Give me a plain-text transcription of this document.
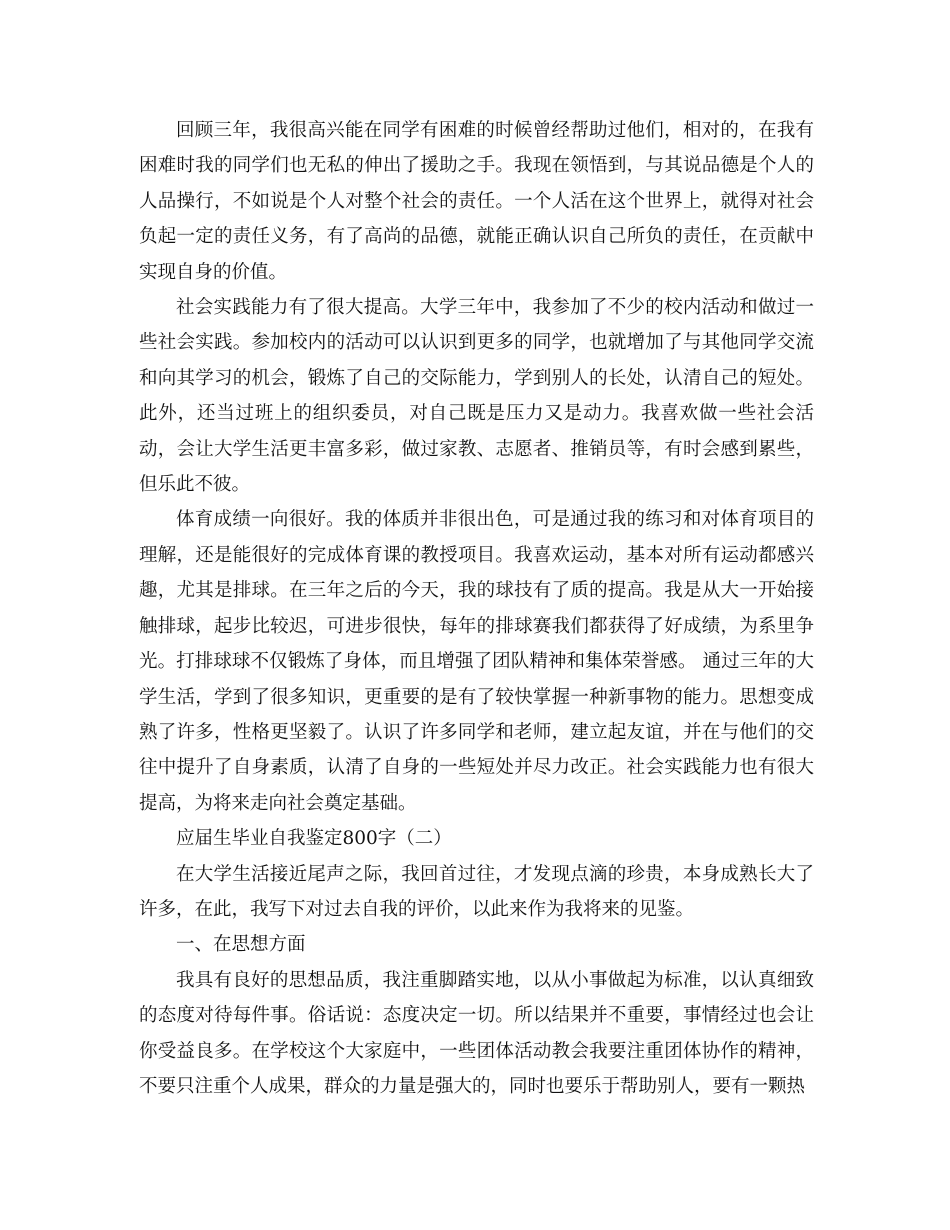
回顾三年，我很高兴能在同学有困难的时候曾经帮助过他们，相对的，在我有困难时我的同学们也无私的伸出了援助之手。我现在领悟到，与其说品德是个人的人品操行，不如说是个人对整个社会的责任。一个人活在这个世界上，就得对社会负起一定的责任义务，有了高尚的品德，就能正确认识自己所负的责任，在贡献中实现自身的价值。

社会实践能力有了很大提高。大学三年中，我参加了不少的校内活动和做过一些社会实践。参加校内的活动可以认识到更多的同学，也就增加了与其他同学交流和向其学习的机会，锻炼了自己的交际能力，学到别人的长处，认清自己的短处。此外，还当过班上的组织委员，对自己既是压力又是动力。我喜欢做一些社会活动，会让大学生活更丰富多彩，做过家教、志愿者、推销员等，有时会感到累些，但乐此不彼。

体育成绩一向很好。我的体质并非很出色，可是通过我的练习和对体育项目的理解，还是能很好的完成体育课的教授项目。我喜欢运动，基本对所有运动都感兴趣，尤其是排球。在三年之后的今天，我的球技有了质的提高。我是从大一开始接触排球，起步比较迟，可进步很快，每年的排球赛我们都获得了好成绩，为系里争光。打排球球不仅锻炼了身体，而且增强了团队精神和集体荣誉感。 通过三年的大学生活，学到了很多知识，更重要的是有了较快掌握一种新事物的能力。思想变成熟了许多，性格更坚毅了。认识了许多同学和老师，建立起友谊，并在与他们的交往中提升了自身素质，认清了自身的一些短处并尽力改正。社会实践能力也有很大提高，为将来走向社会奠定基础。

应届生毕业自我鉴定800字（二）

在大学生活接近尾声之际，我回首过往，才发现点滴的珍贵，本身成熟长大了许多，在此，我写下对过去自我的评价，以此来作为我将来的见鉴。

一、在思想方面

我具有良好的思想品质，我注重脚踏实地，以从小事做起为标准，以认真细致的态度对待每件事。俗话说：态度决定一切。所以结果并不重要，事情经过也会让你受益良多。在学校这个大家庭中，一些团体活动教会我要注重团体协作的精神，不要只注重个人成果，群众的力量是强大的，同时也要乐于帮助别人，要有一颗热
